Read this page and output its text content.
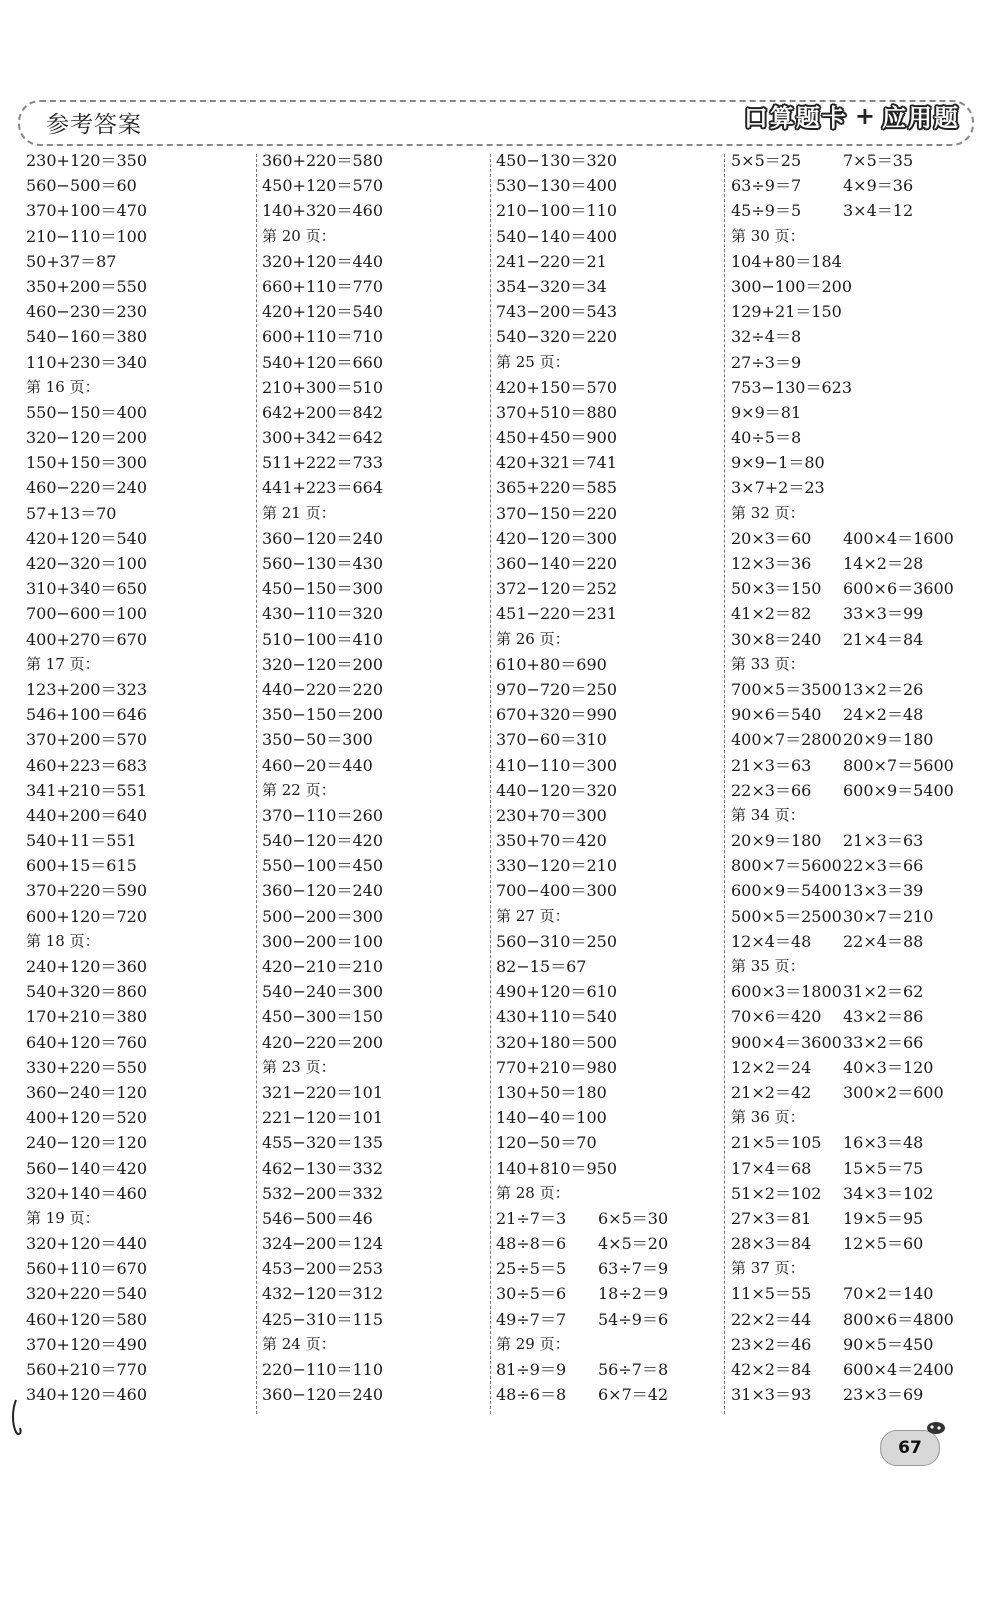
参考答案	口算题卡 + 应用题
230+120＝350
560−500＝60
370+100＝470
210−110＝100
50+37＝87
350+200＝550
460−230＝230
540−160＝380
110+230＝340
第 16 页：
550−150＝400
320−120＝200
150+150＝300
460−220＝240
57+13＝70
420+120＝540
420−320＝100
310+340＝650
700−600＝100
400+270＝670
第 17 页：
123+200＝323
546+100＝646
370+200＝570
460+223＝683
341+210＝551
440+200＝640
540+11＝551
600+15＝615
370+220＝590
600+120＝720
第 18 页：
240+120＝360
540+320＝860
170+210＝380
640+120＝760
330+220＝550
360−240＝120
400+120＝520
240−120＝120
560−140＝420
320+140＝460
第 19 页：
320+120＝440
560+110＝670
320+220＝540
460+120＝580
370+120＝490
560+210＝770
340+120＝460
360+220＝580
450+120＝570
140+320＝460
第 20 页：
320+120＝440
660+110＝770
420+120＝540
600+110＝710
540+120＝660
210+300＝510
642+200＝842
300+342＝642
511+222＝733
441+223＝664
第 21 页：
360−120＝240
560−130＝430
450−150＝300
430−110＝320
510−100＝410
320−120＝200
440−220＝220
350−150＝200
350−50＝300
460−20＝440
第 22 页：
370−110＝260
540−120＝420
550−100＝450
360−120＝240
500−200＝300
300−200＝100
420−210＝210
540−240＝300
450−300＝150
420−220＝200
第 23 页：
321−220＝101
221−120＝101
455−320＝135
462−130＝332
532−200＝332
546−500＝46
324−200＝124
453−200＝253
432−120＝312
425−310＝115
第 24 页：
220−110＝110
360−120＝240
450−130＝320
530−130＝400
210−100＝110
540−140＝400
241−220＝21
354−320＝34
743−200＝543
540−320＝220
第 25 页：
420+150＝570
370+510＝880
450+450＝900
420+321＝741
365+220＝585
370−150＝220
420−120＝300
360−140＝220
372−120＝252
451−220＝231
第 26 页：
610+80＝690
970−720＝250
670+320＝990
370−60＝310
410−110＝300
440−120＝320
230+70＝300
350+70＝420
330−120＝210
700−400＝300
第 27 页：
560−310＝250
82−15＝67
490+120＝610
430+110＝540
320+180＝500
770+210＝980
130+50＝180
140−40＝100
120−50＝70
140+810＝950
第 28 页：
21÷7＝3	6×5＝30
48÷8＝6	4×5＝20
25÷5＝5	63÷7＝9
30÷5＝6	18÷2＝9
49÷7＝7	54÷9＝6
第 29 页：
81÷9＝9	56÷7＝8
48÷6＝8	6×7＝42
5×5＝25	7×5＝35
63÷9＝7	4×9＝36
45÷9＝5	3×4＝12
第 30 页：
104+80＝184
300−100＝200
129+21＝150
32÷4＝8
27÷3＝9
753−130＝623
9×9＝81
40÷5＝8
9×9−1＝80
3×7+2＝23
第 32 页：
20×3＝60	400×4＝1600
12×3＝36	14×2＝28
50×3＝150	600×6＝3600
41×2＝82	33×3＝99
30×8＝240	21×4＝84
第 33 页：
700×5＝3500 13×2＝26
90×6＝540	24×2＝48
400×7＝2800 20×9＝180
21×3＝63	800×7＝5600
22×3＝66	600×9＝5400
第 34 页：
20×9＝180	21×3＝63
800×7＝5600 22×3＝66
600×9＝5400 13×3＝39
500×5＝2500 30×7＝210
12×4＝48	22×4＝88
第 35 页：
600×3＝1800 31×2＝62
70×6＝420	43×2＝86
900×4＝3600 33×2＝66
12×2＝24	40×3＝120
21×2＝42	300×2＝600
第 36 页：
21×5＝105	16×3＝48
17×4＝68	15×5＝75
51×2＝102	34×3＝102
27×3＝81	19×5＝95
28×3＝84	12×5＝60
第 37 页：
11×5＝55	70×2＝140
22×2＝44	800×6＝4800
23×2＝46	90×5＝450
42×2＝84	600×4＝2400
31×3＝93	23×3＝69
67
